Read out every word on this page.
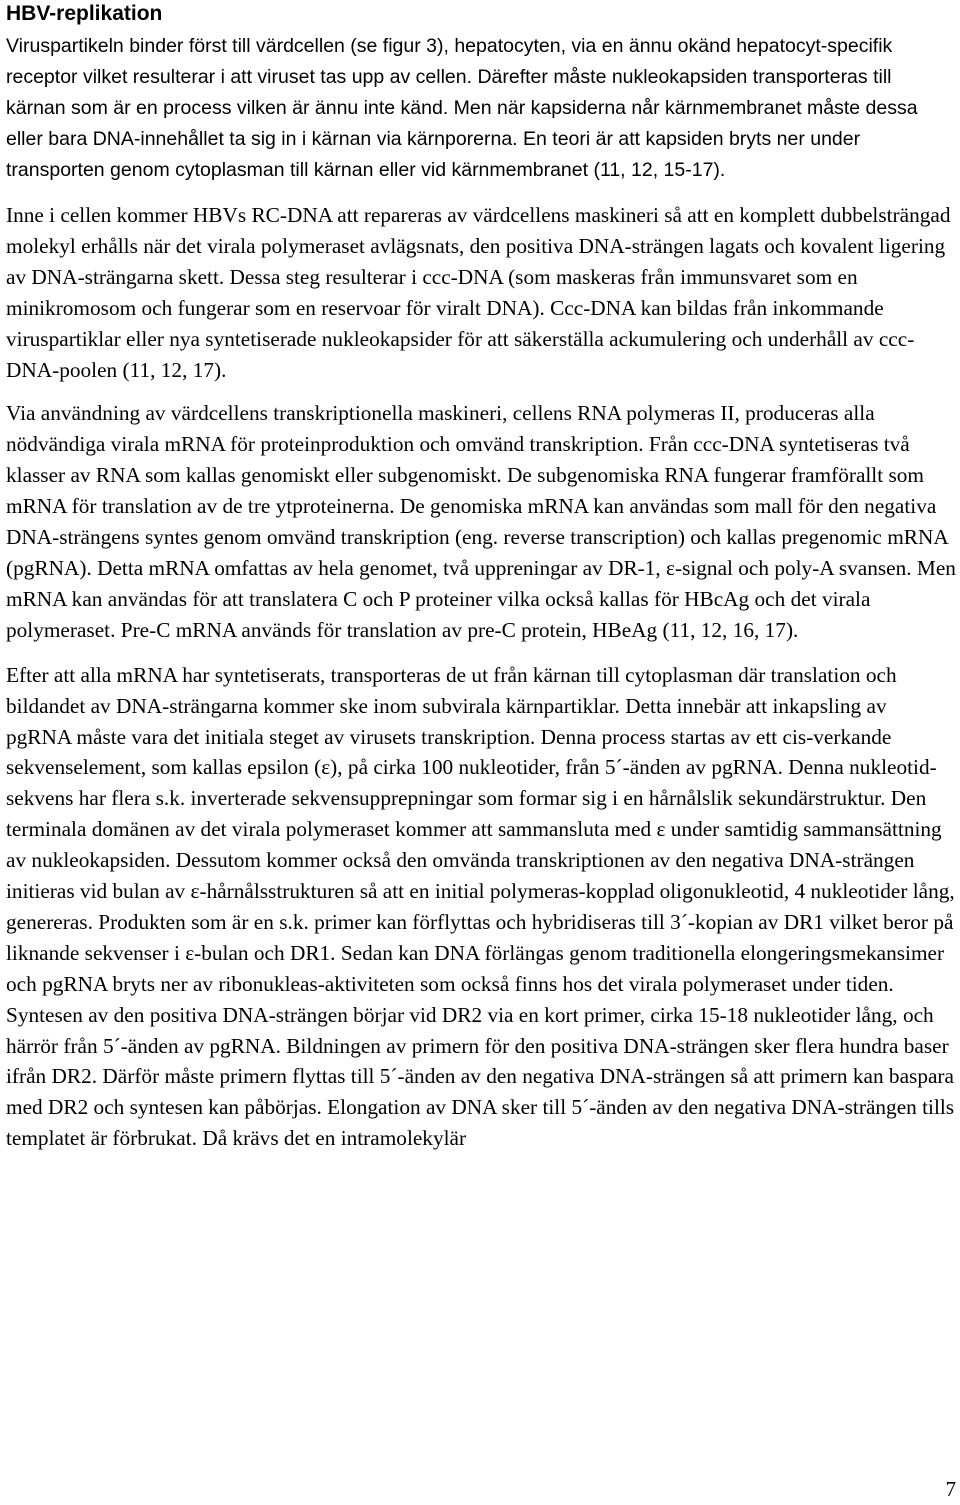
HBV-replikation

Viruspartikeln binder först till värdcellen (se figur 3), hepatocyten, via en ännu okänd hepatocyt-specifik receptor vilket resulterar i att viruset tas upp av cellen. Därefter måste nukleokapsiden transporteras till kärnan som är en process vilken är ännu inte känd. Men när kapsiderna når kärnmembranet måste dessa eller bara DNA-innehållet ta sig in i kärnan via kärnporerna. En teori är att kapsiden bryts ner under transporten genom cytoplasman till kärnan eller vid kärnmembranet (11, 12, 15-17).

Inne i cellen kommer HBVs RC-DNA att repareras av värdcellens maskineri så att en komplett dubbelsträngad molekyl erhålls när det virala polymeraset avlägsnats, den positiva DNA-strängen lagats och kovalent ligering av DNA-strängarna skett. Dessa steg resulterar i ccc-DNA (som maskeras från immunsvaret som en minikromosom och fungerar som en reservoar för viralt DNA). Ccc-DNA kan bildas från inkommande viruspartiklar eller nya syntetiserade nukleokapsider för att säkerställa ackumulering och underhåll av ccc-DNA-poolen (11, 12, 17).

Via användning av värdcellens transkriptionella maskineri, cellens RNA polymeras II, produceras alla nödvändiga virala mRNA för proteinproduktion och omvänd transkription. Från ccc-DNA syntetiseras två klasser av RNA som kallas genomiskt eller subgenomiskt. De subgenomiska RNA fungerar framförallt som mRNA för translation av de tre ytproteinerna. De genomiska mRNA kan användas som mall för den negativa DNA-strängens syntes genom omvänd transkription (eng. reverse transcription) och kallas pregenomic mRNA (pgRNA). Detta mRNA omfattas av hela genomet, två uppreningar av DR-1, ε-signal och poly-A svansen. Men mRNA kan användas för att translatera C och P proteiner vilka också kallas för HBcAg och det virala polymeraset. Pre-C mRNA används för translation av pre-C protein, HBeAg (11, 12, 16, 17).

Efter att alla mRNA har syntetiserats, transporteras de ut från kärnan till cytoplasman där translation och bildandet av DNA-strängarna kommer ske inom subvirala kärnpartiklar. Detta innebär att inkapsling av pgRNA måste vara det initiala steget av virusets transkription. Denna process startas av ett cis-verkande sekvenselement, som kallas epsilon (ε), på cirka 100 nukleotider, från 5´-änden av pgRNA. Denna nukleotid-sekvens har flera s.k. inverterade sekvensupprepningar som formar sig i en hårnålslik sekundärstruktur. Den terminala domänen av det virala polymeraset kommer att sammansluta med ε under samtidig sammansättning av nukleokapsiden. Dessutom kommer också den omvända transkriptionen av den negativa DNA-strängen initieras vid bulan av ε-hårnålsstrukturen så att en initial polymeras-kopplad oligonukleotid, 4 nukleotider lång, genereras. Produkten som är en s.k. primer kan förflyttas och hybridiseras till 3´-kopian av DR1 vilket beror på liknande sekvenser i ε-bulan och DR1. Sedan kan DNA förlängas genom traditionella elongeringsmekansimer och pgRNA bryts ner av ribonukleas-aktiviteten som också finns hos det virala polymeraset under tiden. Syntesen av den positiva DNA-strängen börjar vid DR2 via en kort primer, cirka 15-18 nukleotider lång, och härrör från 5´-änden av pgRNA. Bildningen av primern för den positiva DNA-strängen sker flera hundra baser ifrån DR2. Därför måste primern flyttas till 5´-änden av den negativa DNA-strängen så att primern kan baspara med DR2 och syntesen kan påbörjas. Elongation av DNA sker till 5´-änden av den negativa DNA-strängen tills templatet är förbrukat. Då krävs det en intramolekylär

7
